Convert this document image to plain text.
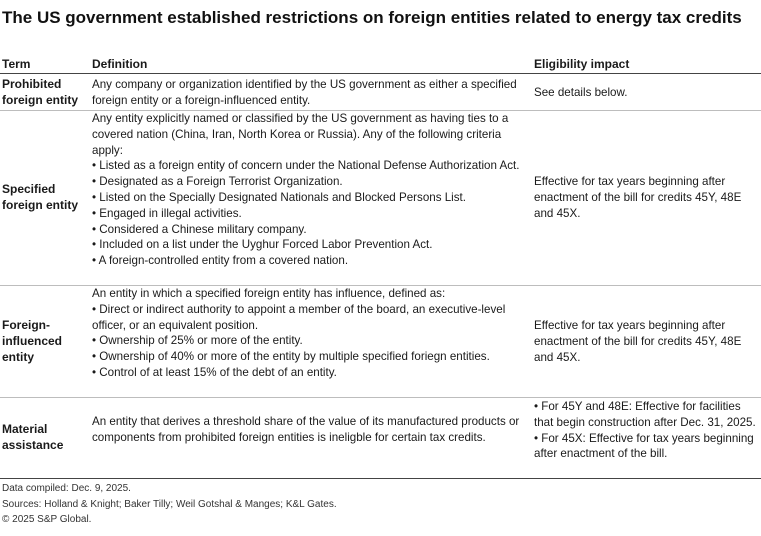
The US government established restrictions on foreign entities related to energy tax credits
Term	Definition	Eligibility impact
Prohibited foreign entity
Any company or organization identified by the US government as either a specified foreign entity or a foreign-influenced entity.
See details below.
Specified foreign entity
Any entity explicitly named or classified by the US government as having ties to a covered nation (China, Iran, North Korea or Russia). Any of the following criteria apply:
• Listed as a foreign entity of concern under the National Defense Authorization Act.
• Designated as a Foreign Terrorist Organization.
• Listed on the Specially Designated Nationals and Blocked Persons List.
• Engaged in illegal activities.
• Considered a Chinese military company.
• Included on a list under the Uyghur Forced Labor Prevention Act.
• A foreign-controlled entity from a covered nation.
Effective for tax years beginning after enactment of the bill for credits 45Y, 48E and 45X.
Foreign-influenced entity
An entity in which a specified foreign entity has influence, defined as:
• Direct or indirect authority to appoint a member of the board, an executive-level officer, or an equivalent position.
• Ownership of 25% or more of the entity.
• Ownership of 40% or more of the entity by multiple specified foriegn entities.
• Control of at least 15% of the debt of an entity.
Effective for tax years beginning after enactment of the bill for credits 45Y, 48E and 45X.
Material assistance
An entity that derives a threshold share of the value of its manufactured products or components from prohibited foreign entities is ineligble for certain tax credits.
• For 45Y and 48E: Effective for facilities that begin construction after Dec. 31, 2025.
• For 45X: Effective for tax years beginning after enactment of the bill.
Data compiled: Dec. 9, 2025.
Sources: Holland & Knight; Baker Tilly; Weil Gotshal & Manges; K&L Gates.
© 2025 S&P Global.
